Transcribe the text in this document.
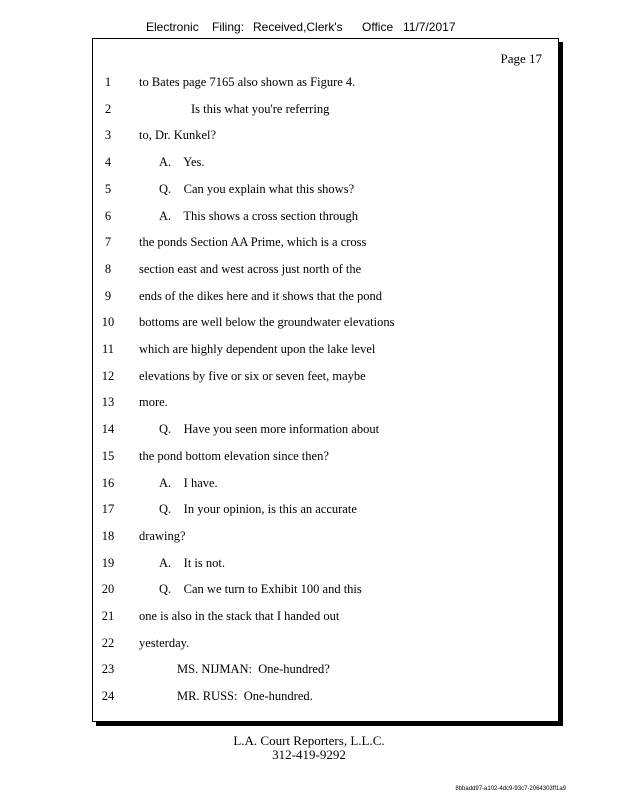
Electronic Filing: Received,Clerk's Office 11/7/2017
Page 17
1	to Bates page 7165 also shown as Figure 4.
2	Is this what you're referring
3	to, Dr. Kunkel?
4	A.    Yes.
5	Q.    Can you explain what this shows?
6	A.    This shows a cross section through
7	the ponds Section AA Prime, which is a cross
8	section east and west across just north of the
9	ends of the dikes here and it shows that the pond
10	bottoms are well below the groundwater elevations
11	which are highly dependent upon the lake level
12	elevations by five or six or seven feet, maybe
13	more.
14	Q.    Have you seen more information about
15	the pond bottom elevation since then?
16	A.    I have.
17	Q.    In your opinion, is this an accurate
18	drawing?
19	A.    It is not.
20	Q.    Can we turn to Exhibit 100 and this
21	one is also in the stack that I handed out
22	yesterday.
23	MS. NIJMAN:  One-hundred?
24	MR. RUSS:  One-hundred.
L.A. Court Reporters, L.L.C.
312-419-9292
8bbadd97-a102-4dc9-93c7-2064303ff1a9
